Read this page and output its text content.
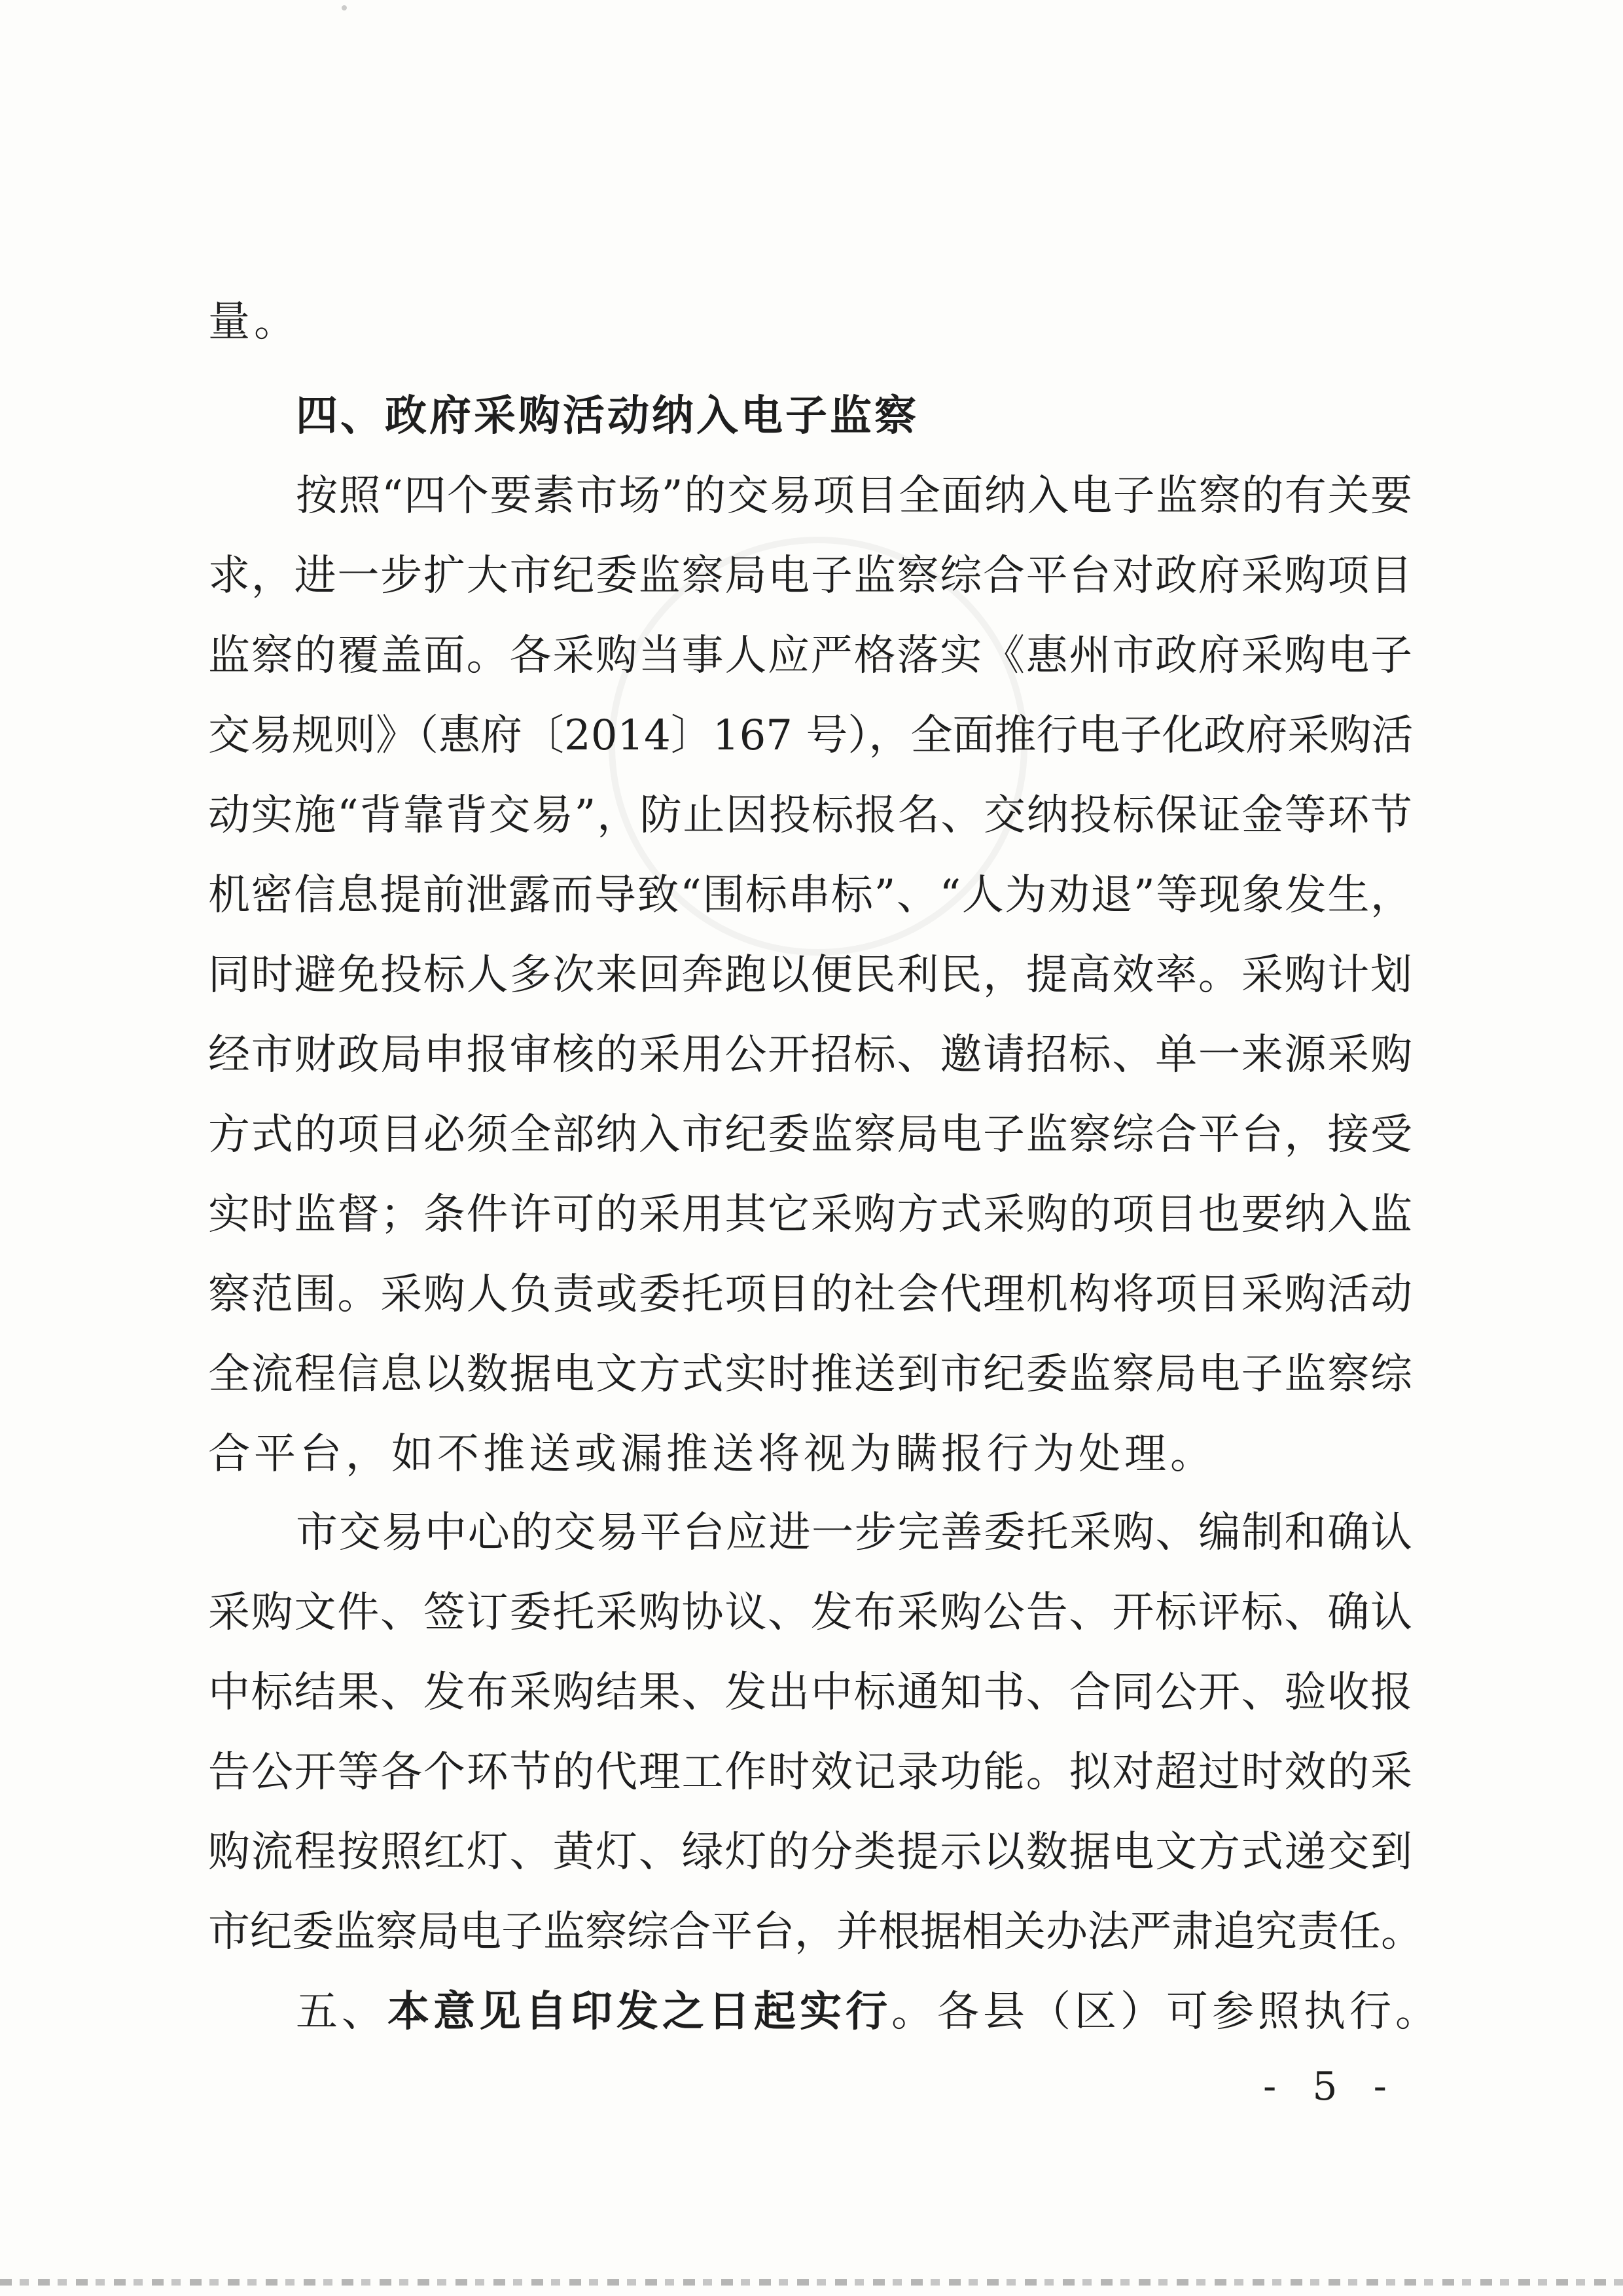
量。
四、政府采购活动纳入电子监察
按照“四个要素市场”的交易项目全面纳入电子监察的有关要
求，进一步扩大市纪委监察局电子监察综合平台对政府采购项目
监察的覆盖面。各采购当事人应严格落实《惠州市政府采购电子
交易规则》（惠府〔2014〕167 号），全面推行电子化政府采购活
动实施“背靠背交易”，防止因投标报名、交纳投标保证金等环节
机密信息提前泄露而导致“围标串标”、“人为劝退”等现象发生，
同时避免投标人多次来回奔跑以便民利民，提高效率。采购计划
经市财政局申报审核的采用公开招标、邀请招标、单一来源采购
方式的项目必须全部纳入市纪委监察局电子监察综合平台，接受
实时监督；条件许可的采用其它采购方式采购的项目也要纳入监
察范围。采购人负责或委托项目的社会代理机构将项目采购活动
全流程信息以数据电文方式实时推送到市纪委监察局电子监察综
合平台，如不推送或漏推送将视为瞒报行为处理。
市交易中心的交易平台应进一步完善委托采购、编制和确认
采购文件、签订委托采购协议、发布采购公告、开标评标、确认
中标结果、发布采购结果、发出中标通知书、合同公开、验收报
告公开等各个环节的代理工作时效记录功能。拟对超过时效的采
购流程按照红灯、黄灯、绿灯的分类提示以数据电文方式递交到
市纪委监察局电子监察综合平台，并根据相关办法严肃追究责任。
五、本意见自印发之日起实行。各县（区）可参照执行。
- 5 -
